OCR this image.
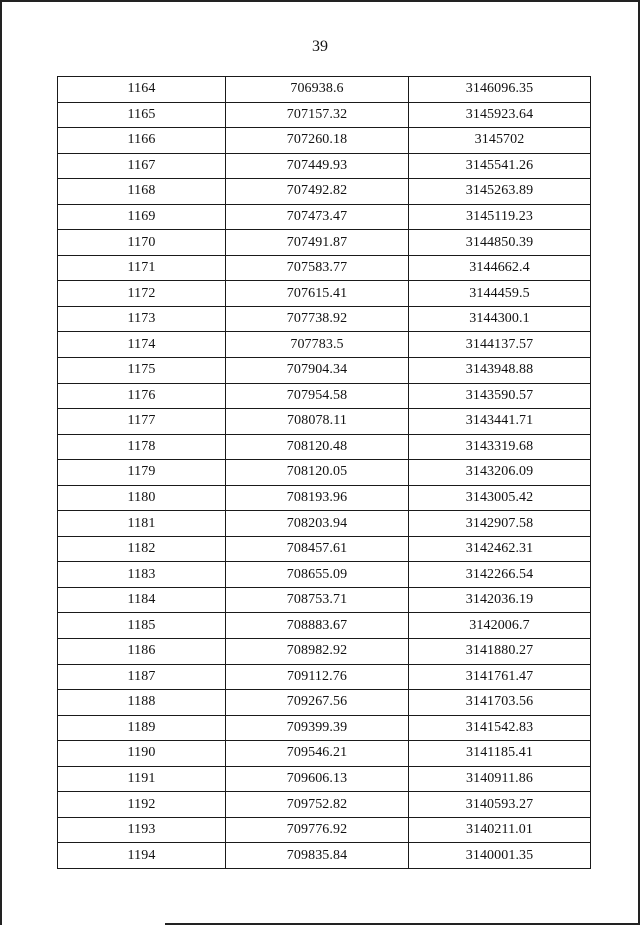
39
1164	706938.6	3146096.35
1165	707157.32	3145923.64
1166	707260.18	3145702
1167	707449.93	3145541.26
1168	707492.82	3145263.89
1169	707473.47	3145119.23
1170	707491.87	3144850.39
1171	707583.77	3144662.4
1172	707615.41	3144459.5
1173	707738.92	3144300.1
1174	707783.5	3144137.57
1175	707904.34	3143948.88
1176	707954.58	3143590.57
1177	708078.11	3143441.71
1178	708120.48	3143319.68
1179	708120.05	3143206.09
1180	708193.96	3143005.42
1181	708203.94	3142907.58
1182	708457.61	3142462.31
1183	708655.09	3142266.54
1184	708753.71	3142036.19
1185	708883.67	3142006.7
1186	708982.92	3141880.27
1187	709112.76	3141761.47
1188	709267.56	3141703.56
1189	709399.39	3141542.83
1190	709546.21	3141185.41
1191	709606.13	3140911.86
1192	709752.82	3140593.27
1193	709776.92	3140211.01
1194	709835.84	3140001.35
